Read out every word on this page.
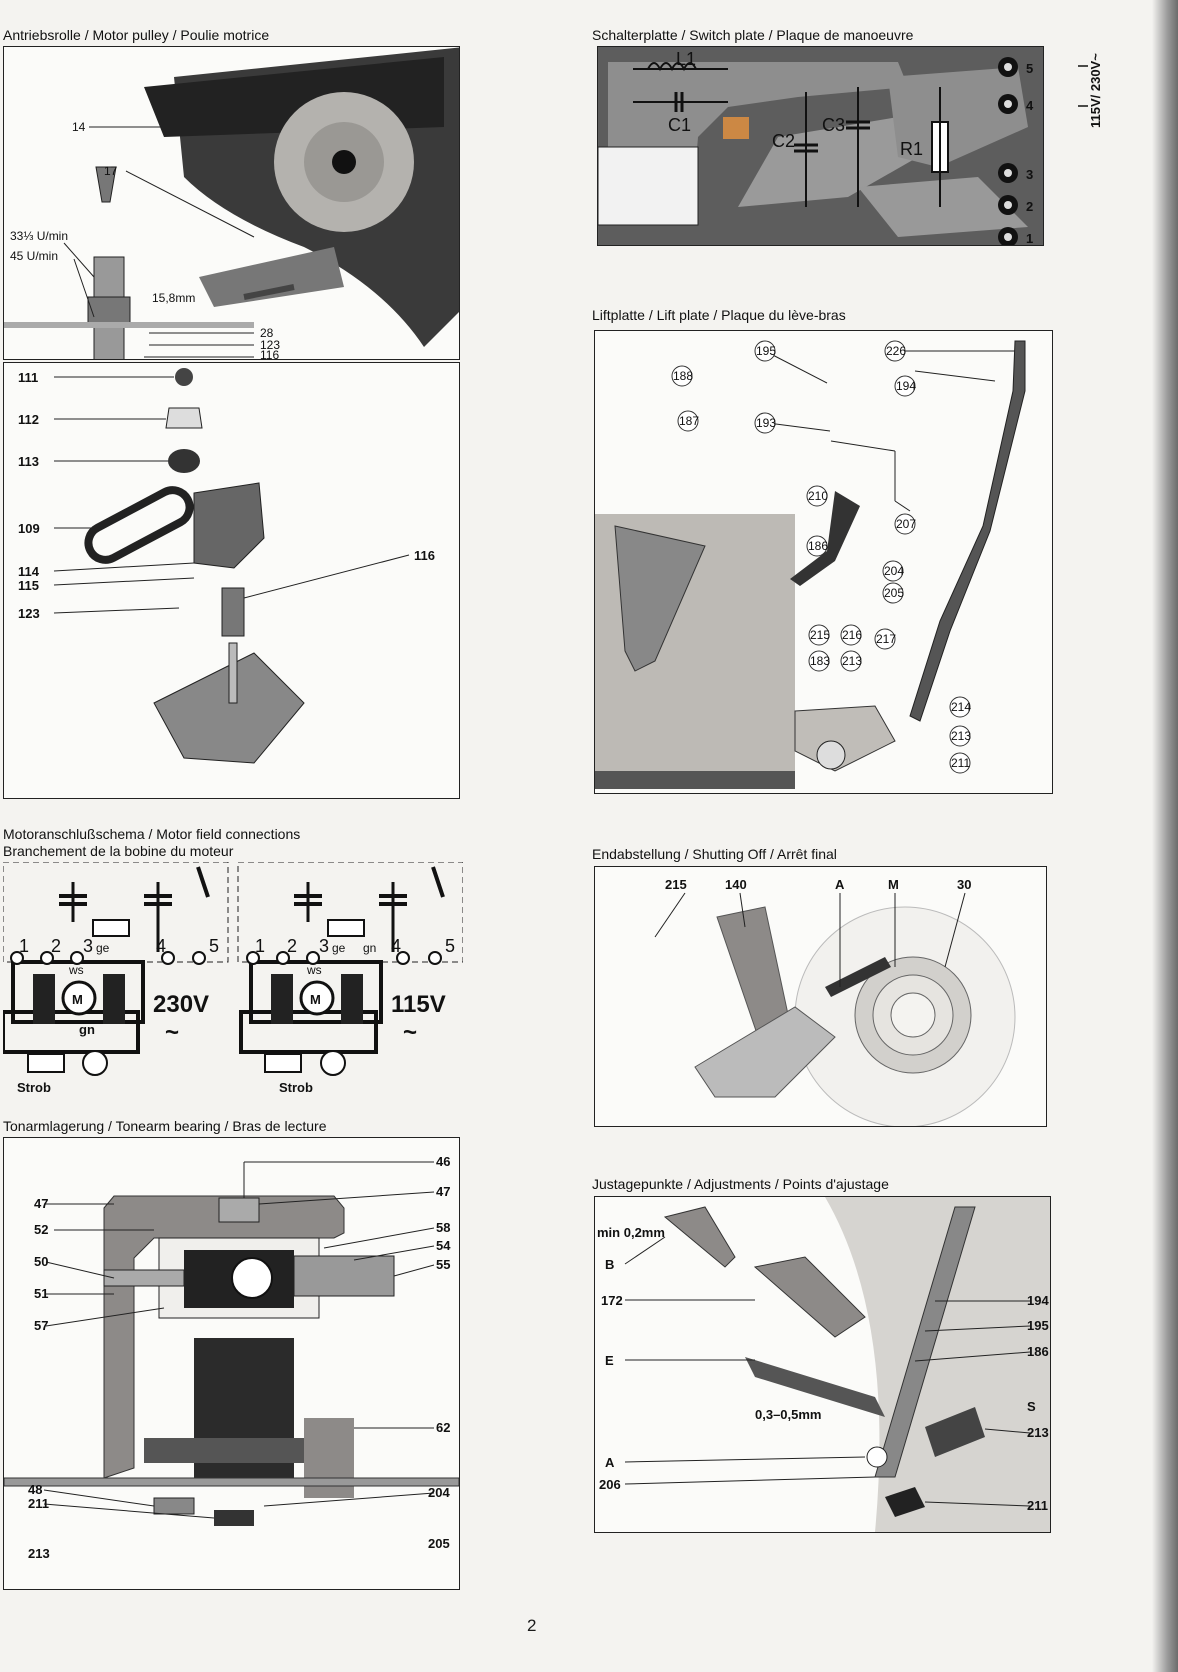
Antriebsrolle / Motor pulley / Poulie motrice	Schalterplatte / Switch plate / Plaque de manoeuvre
Liftplatte / Lift plate / Plaque du lève-bras
Motoranschlußschema / Motor field connections
Branchement de la bobine du moteur	Endabstellung / Shutting Off / Arrêt final
Tonarmlagerung / Tonearm bearing / Bras de lecture
Justagepunkte / Adjustments / Points d'ajustage
14
17
33⅓ U/min
45 U/min
15,8mm
28
123
116
111
112
113
109
114
115
123
116
L1
C1
C2
C3
R1
5
4
3
2
1
115V/ 230V~
195	226
188
194
187	193
210
207
186
204
205
215 216 217
183 213
214
213
211
1 2 3 ge	4 5
ws
M
gn
230V
~
Strob
1 2 3 ge gn 4 5
ws
M	115V
~
Strob
215	140	A	M	30
47
52
50
51
57
48
211
213
46
47
58
54
55
62
204
205
min 0,2mm
B
172
E
A
206
0,3–0,5mm
194
195
186
S
213
211
2
